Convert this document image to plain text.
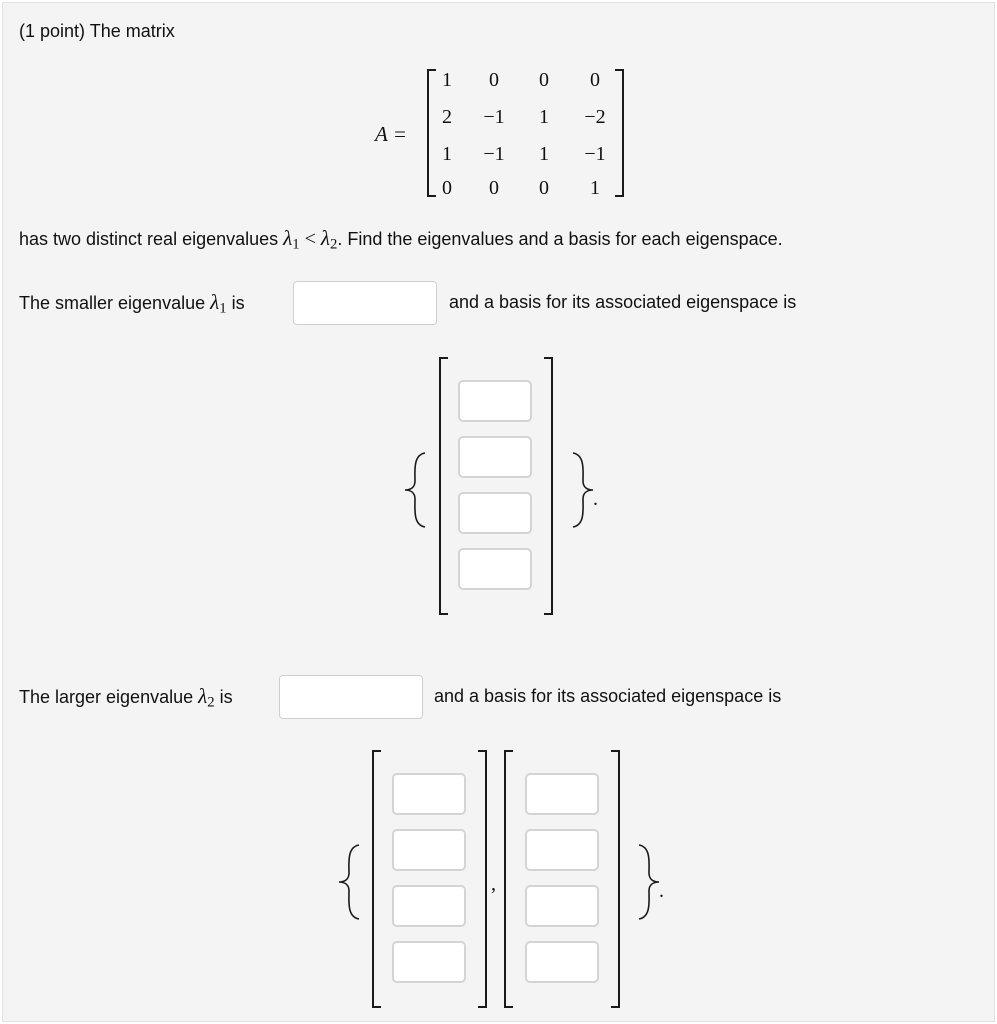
(1 point) The matrix
A =
1	0	0	0
2	−1	1	−2
1	−1	1	−1
0	0	0	1
has two distinct real eigenvalues $\lambda_1 < \lambda_2$. Find the eigenvalues and a basis for each eigenspace.
The smaller eigenvalue $\lambda_1$ is	and a basis for its associated eigenspace is
.
The larger eigenvalue $\lambda_2$ is	and a basis for its associated eigenspace is
,	.
